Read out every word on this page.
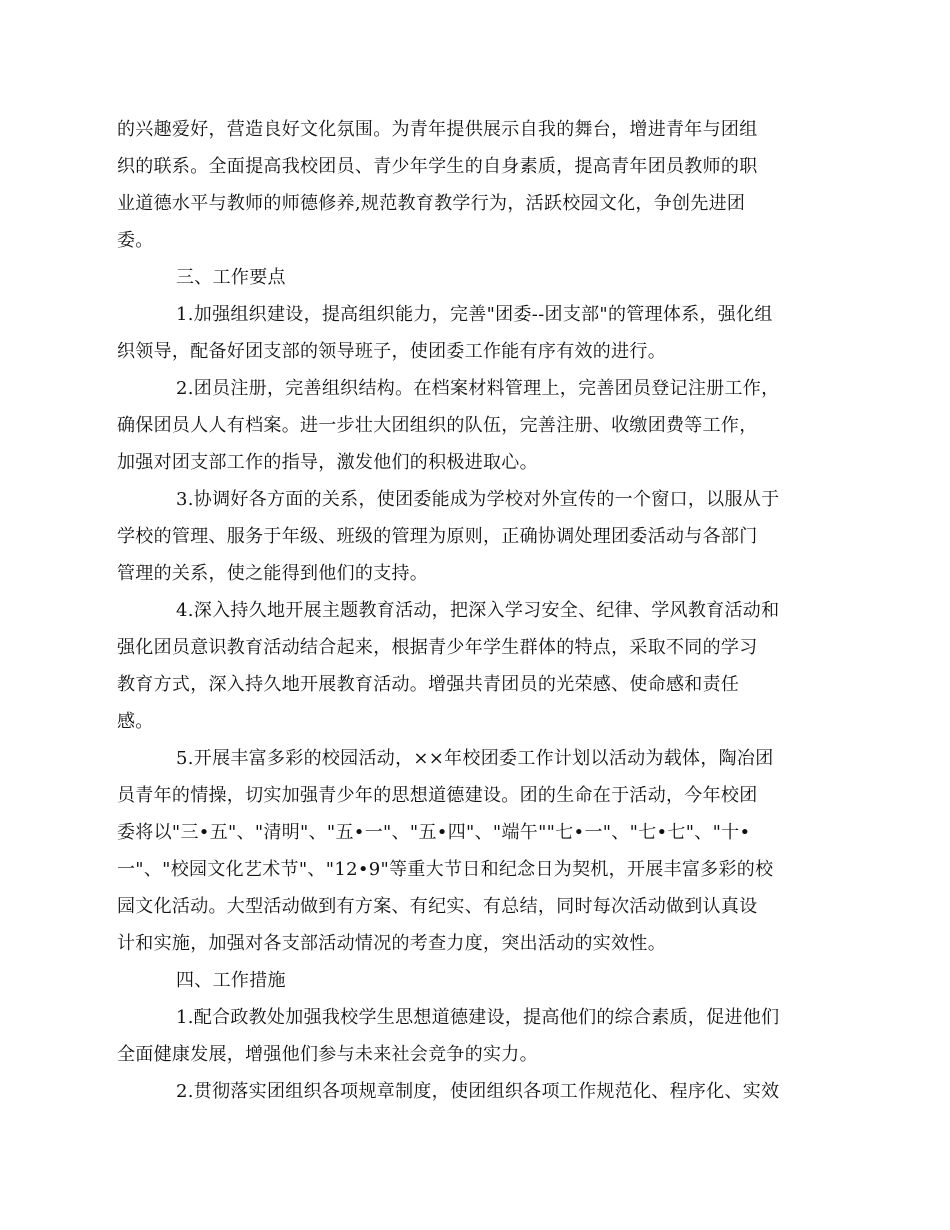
的兴趣爱好，营造良好文化氛围。为青年提供展示自我的舞台，增进青年与团组
织的联系。全面提高我校团员、青少年学生的自身素质，提高青年团员教师的职
业道德水平与教师的师德修养,规范教育教学行为，活跃校园文化，争创先进团
委。
三、工作要点
1.加强组织建设，提高组织能力，完善"团委--团支部"的管理体系，强化组
织领导，配备好团支部的领导班子，使团委工作能有序有效的进行。
2.团员注册，完善组织结构。在档案材料管理上，完善团员登记注册工作，
确保团员人人有档案。进一步壮大团组织的队伍，完善注册、收缴团费等工作，
加强对团支部工作的指导，激发他们的积极进取心。
3.协调好各方面的关系，使团委能成为学校对外宣传的一个窗口，以服从于
学校的管理、服务于年级、班级的管理为原则，正确协调处理团委活动与各部门
管理的关系，使之能得到他们的支持。
4.深入持久地开展主题教育活动，把深入学习安全、纪律、学风教育活动和
强化团员意识教育活动结合起来，根据青少年学生群体的特点，采取不同的学习
教育方式，深入持久地开展教育活动。增强共青团员的光荣感、使命感和责任
感。
5.开展丰富多彩的校园活动，××年校团委工作计划以活动为载体，陶冶团
员青年的情操，切实加强青少年的思想道德建设。团的生命在于活动，今年校团
委将以"三•五"、"清明"、"五•一"、"五•四"、"端午""七•一"、"七•七"、"十•
一"、"校园文化艺术节"、"12•9"等重大节日和纪念日为契机，开展丰富多彩的校
园文化活动。大型活动做到有方案、有纪实、有总结，同时每次活动做到认真设
计和实施，加强对各支部活动情况的考查力度，突出活动的实效性。
四、工作措施
1.配合政教处加强我校学生思想道德建设，提高他们的综合素质，促进他们
全面健康发展，增强他们参与未来社会竞争的实力。
2.贯彻落实团组织各项规章制度，使团组织各项工作规范化、程序化、实效
